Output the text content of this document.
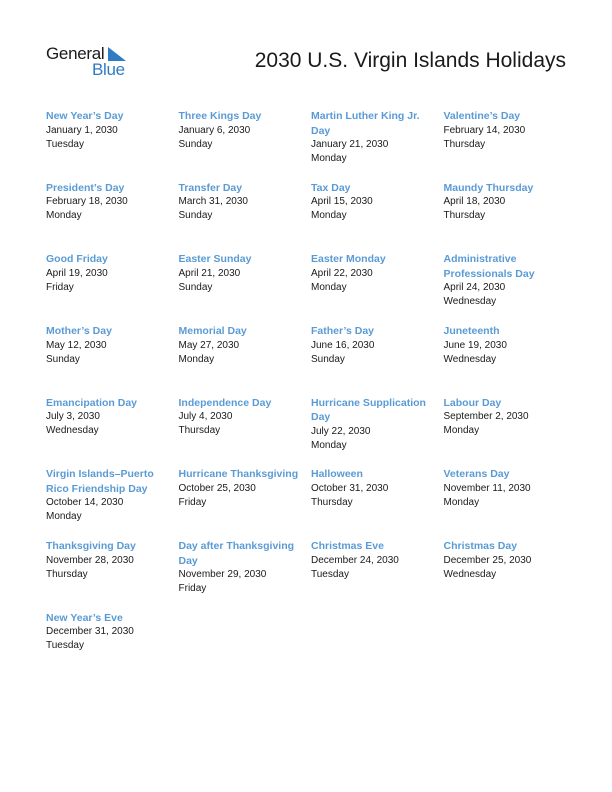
General
Blue	2030 U.S. Virgin Islands Holidays
New Year’s Day
January 1, 2030
Tuesday
Three Kings Day
January 6, 2030
Sunday
Martin Luther King Jr. Day
January 21, 2030
Monday
Valentine’s Day
February 14, 2030
Thursday
President’s Day
February 18, 2030
Monday
Transfer Day
March 31, 2030
Sunday
Tax Day
April 15, 2030
Monday
Maundy Thursday
April 18, 2030
Thursday
Good Friday
April 19, 2030
Friday
Easter Sunday
April 21, 2030
Sunday
Easter Monday
April 22, 2030
Monday
Administrative Professionals Day
April 24, 2030
Wednesday
Mother’s Day
May 12, 2030
Sunday
Memorial Day
May 27, 2030
Monday
Father’s Day
June 16, 2030
Sunday
Juneteenth
June 19, 2030
Wednesday
Emancipation Day
July 3, 2030
Wednesday
Independence Day
July 4, 2030
Thursday
Hurricane Supplication Day
July 22, 2030
Monday
Labour Day
September 2, 2030
Monday
Virgin Islands–Puerto Rico Friendship Day
October 14, 2030
Monday
Hurricane Thanksgiving
October 25, 2030
Friday
Halloween
October 31, 2030
Thursday
Veterans Day
November 11, 2030
Monday
Thanksgiving Day
November 28, 2030
Thursday
Day after Thanksgiving Day
November 29, 2030
Friday
Christmas Eve
December 24, 2030
Tuesday
Christmas Day
December 25, 2030
Wednesday
New Year’s Eve
December 31, 2030
Tuesday
